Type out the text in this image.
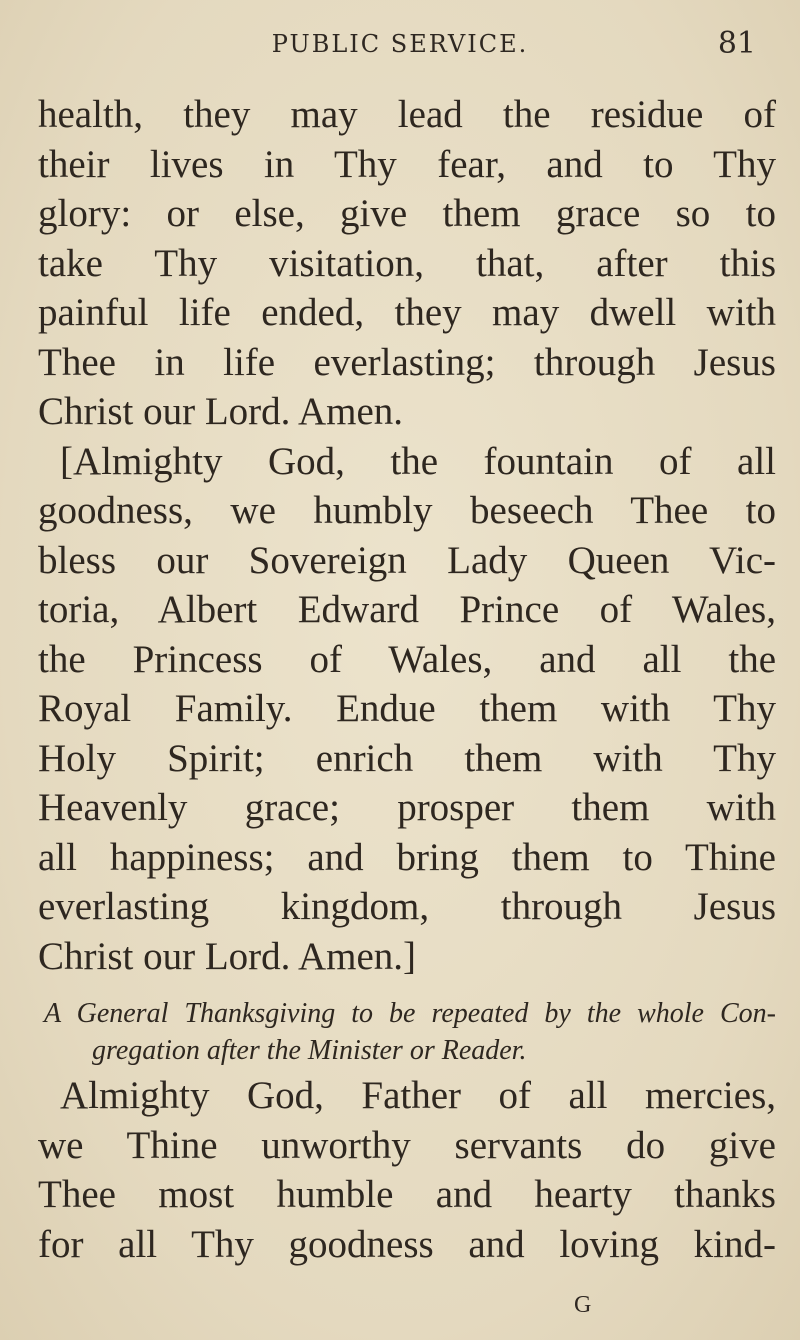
PUBLIC SERVICE.	81
health, they may lead the residue of
their lives in Thy fear, and to Thy
glory: or else, give them grace so to
take Thy visitation, that, after this
painful life ended, they may dwell with
Thee in life everlasting; through Jesus
Christ our Lord. Amen.
[Almighty God, the fountain of all
goodness, we humbly beseech Thee to
bless our Sovereign Lady Queen Vic-
toria, Albert Edward Prince of Wales,
the Princess of Wales, and all the
Royal Family. Endue them with Thy
Holy Spirit; enrich them with Thy
Heavenly grace; prosper them with
all happiness; and bring them to Thine
everlasting kingdom, through Jesus
Christ our Lord. Amen.]
A General Thanksgiving to be repeated by the whole Con-
gregation after the Minister or Reader.
Almighty God, Father of all mercies,
we Thine unworthy servants do give
Thee most humble and hearty thanks
for all Thy goodness and loving kind-
G
